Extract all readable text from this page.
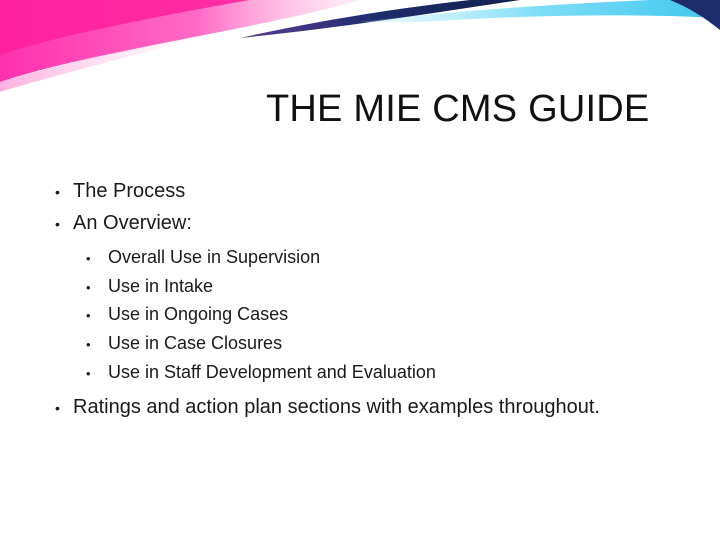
THE MIE CMS GUIDE
• The Process
• An Overview:
• Overall Use in Supervision
• Use in Intake
• Use in Ongoing Cases
• Use in Case Closures
• Use in Staff Development and Evaluation
• Ratings and action plan sections with examples throughout.
